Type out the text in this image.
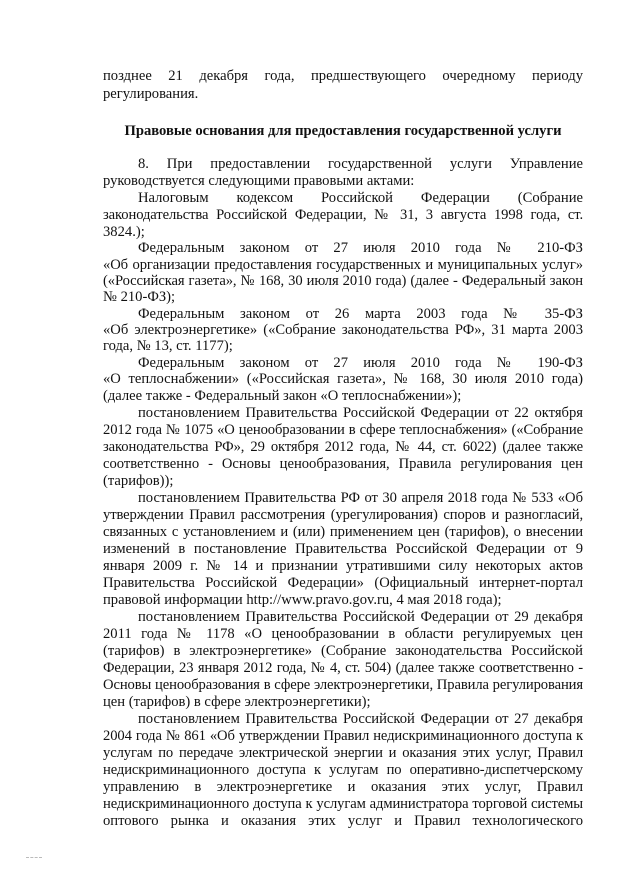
позднее 21 декабря года, предшествующего очередному периоду
регулирования.
Правовые основания для предоставления государственной услуги
8. При предоставлении государственной услуги Управление
руководствуется следующими правовыми актами:
Налоговым кодексом Российской Федерации (Собрание
законодательства Российской Федерации, № 31, 3 августа 1998 года, ст.
3824.);
Федеральным законом от 27 июля 2010 года № 210-ФЗ
«Об организации предоставления государственных и муниципальных услуг»
(«Российская газета», № 168, 30 июля 2010 года) (далее - Федеральный закон
№ 210-ФЗ);
Федеральным законом от 26 марта 2003 года № 35-ФЗ
«Об электроэнергетике» («Собрание законодательства РФ», 31 марта 2003
года, № 13, ст. 1177);
Федеральным законом от 27 июля 2010 года № 190-ФЗ
«О теплоснабжении» («Российская газета», № 168, 30 июля 2010 года)
(далее также - Федеральный закон «О теплоснабжении»);
постановлением Правительства Российской Федерации от 22 октября
2012 года № 1075 «О ценообразовании в сфере теплоснабжения» («Собрание
законодательства РФ», 29 октября 2012 года, № 44, ст. 6022) (далее также
соответственно - Основы ценообразования, Правила регулирования цен
(тарифов));
постановлением Правительства РФ от 30 апреля 2018 года № 533 «Об
утверждении Правил рассмотрения (урегулирования) споров и разногласий,
связанных с установлением и (или) применением цен (тарифов), о внесении
изменений в постановление Правительства Российской Федерации от 9
января 2009 г. № 14 и признании утратившими силу некоторых актов
Правительства Российской Федерации» (Официальный интернет-портал
правовой информации http://www.pravo.gov.ru, 4 мая 2018 года);
постановлением Правительства Российской Федерации от 29 декабря
2011 года № 1178 «О ценообразовании в области регулируемых цен
(тарифов) в электроэнергетике» (Собрание законодательства Российской
Федерации, 23 января 2012 года, № 4, ст. 504) (далее также соответственно -
Основы ценообразования в сфере электроэнергетики, Правила регулирования
цен (тарифов) в сфере электроэнергетики);
постановлением Правительства Российской Федерации от 27 декабря
2004 года № 861 «Об утверждении Правил недискриминационного доступа к
услугам по передаче электрической энергии и оказания этих услуг, Правил
недискриминационного доступа к услугам по оперативно-диспетчерскому
управлению в электроэнергетике и оказания этих услуг, Правил
недискриминационного доступа к услугам администратора торговой системы
оптового рынка и оказания этих услуг и Правил технологического
